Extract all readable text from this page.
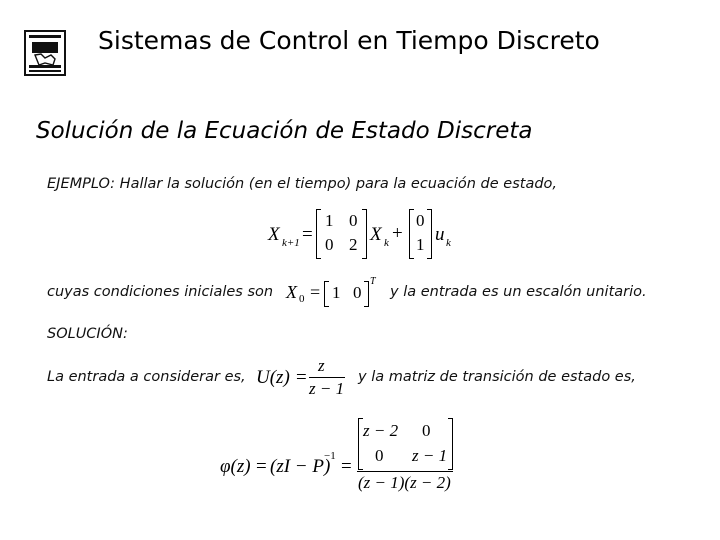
Sistemas de Control en Tiempo Discreto
Solución de la Ecuación de Estado Discreta
EJEMPLO: Hallar la solución (en el tiempo) para la ecuación de estado,
X k+1 =
1 0
0 2 X k +
0
1 u k
cuyas condiciones iniciales son X 0 = 1 0
T
y la entrada es un escalón unitario.
SOLUCIÓN:
La entrada a considerar es, U(z) =
z
z − 1
y la matriz de transición de estado es,
φ(z) = (zI − P)
−1 =
z − 2 0
0 z − 1
(z − 1)(z − 2)
